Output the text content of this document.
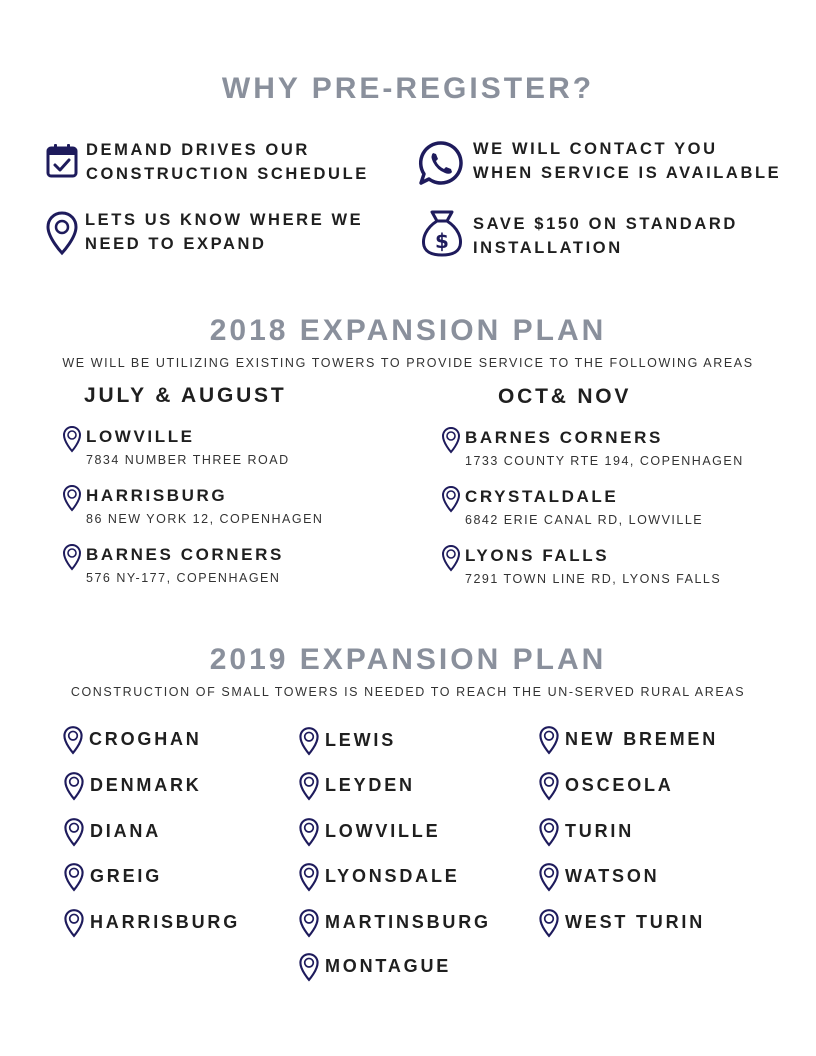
WHY PRE-REGISTER?
DEMAND DRIVES OUR
CONSTRUCTION SCHEDULE
WE WILL CONTACT YOU
WHEN SERVICE IS AVAILABLE
LETS US KNOW WHERE WE
NEED TO EXPAND	$
SAVE $150 ON STANDARD
INSTALLATION
2018 EXPANSION PLAN
WE WILL BE UTILIZING EXISTING TOWERS TO PROVIDE SERVICE TO THE FOLLOWING AREAS
JULY & AUGUST	OCT& NOV
LOWVILLE
7834 NUMBER THREE ROAD
HARRISBURG
86 NEW YORK 12, COPENHAGEN
BARNES CORNERS
576 NY-177, COPENHAGEN
BARNES CORNERS
1733 COUNTY RTE 194, COPENHAGEN
CRYSTALDALE
6842 ERIE CANAL RD, LOWVILLE
LYONS FALLS
7291 TOWN LINE RD, LYONS FALLS
2019 EXPANSION PLAN
CONSTRUCTION OF SMALL TOWERS IS NEEDED TO REACH THE UN-SERVED RURAL AREAS
CROGHAN
DENMARK
DIANA
GREIG
HARRISBURG
LEWIS
LEYDEN
LOWVILLE
LYONSDALE
MARTINSBURG
MONTAGUE
NEW BREMEN
OSCEOLA
TURIN
WATSON
WEST TURIN
